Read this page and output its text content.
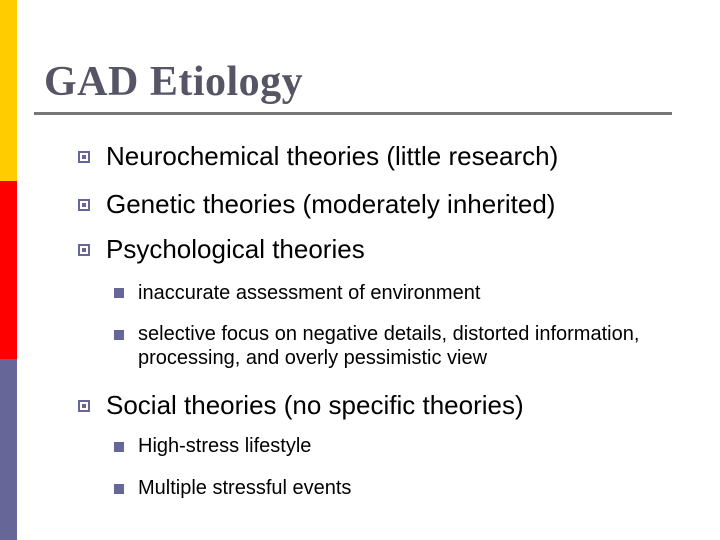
GAD Etiology
Neurochemical theories (little research)
Genetic theories (moderately inherited)
Psychological theories
inaccurate assessment of environment
selective focus on negative details, distorted information, processing, and overly pessimistic view
Social theories (no specific theories)
High-stress lifestyle
Multiple stressful events
